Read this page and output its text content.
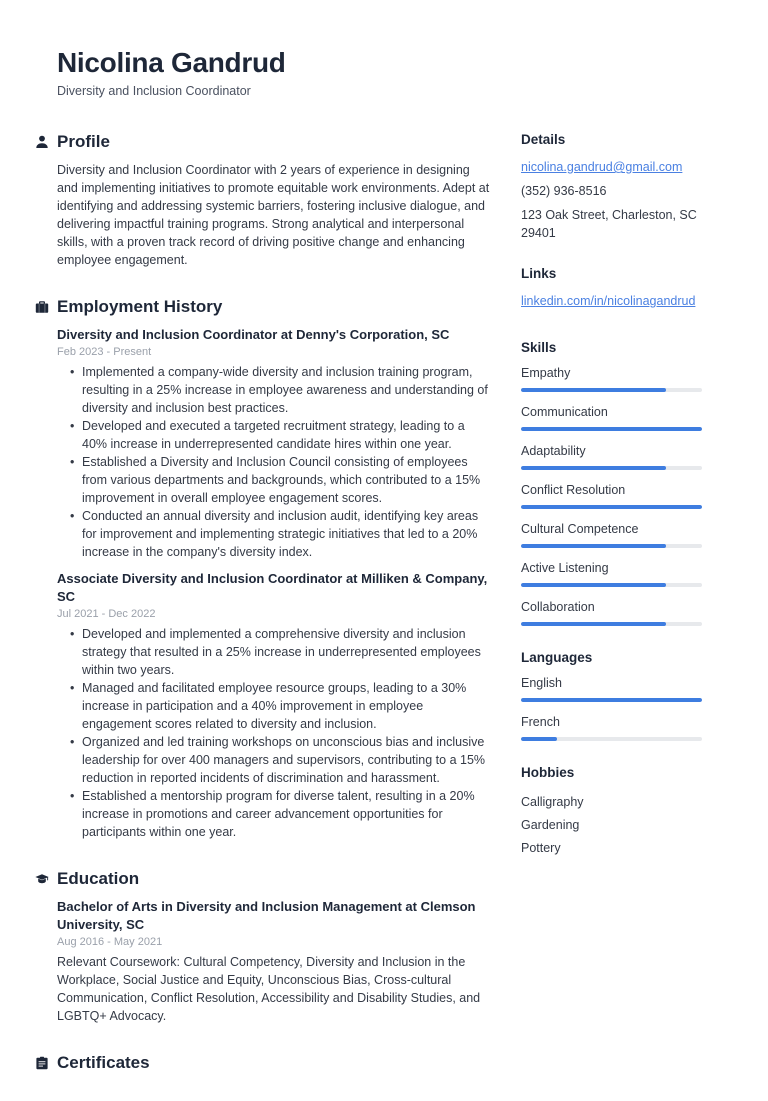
Nicolina Gandrud
Diversity and Inclusion Coordinator
Profile

Diversity and Inclusion Coordinator with 2 years of experience in designing and implementing initiatives to promote equitable work environments. Adept at identifying and addressing systemic barriers, fostering inclusive dialogue, and delivering impactful training programs. Strong analytical and interpersonal skills, with a proven track record of driving positive change and enhancing employee engagement.

Employment History
Diversity and Inclusion Coordinator at Denny's Corporation, SC
Feb 2023 - Present
• Implemented a company-wide diversity and inclusion training program, resulting in a 25% increase in employee awareness and understanding of diversity and inclusion best practices.
• Developed and executed a targeted recruitment strategy, leading to a 40% increase in underrepresented candidate hires within one year.
• Established a Diversity and Inclusion Council consisting of employees from various departments and backgrounds, which contributed to a 15% improvement in overall employee engagement scores.
• Conducted an annual diversity and inclusion audit, identifying key areas for improvement and implementing strategic initiatives that led to a 20% increase in the company's diversity index.
Associate Diversity and Inclusion Coordinator at Milliken & Company, SC
Jul 2021 - Dec 2022
• Developed and implemented a comprehensive diversity and inclusion strategy that resulted in a 25% increase in underrepresented employees within two years.
• Managed and facilitated employee resource groups, leading to a 30% increase in participation and a 40% improvement in employee engagement scores related to diversity and inclusion.
• Organized and led training workshops on unconscious bias and inclusive leadership for over 400 managers and supervisors, contributing to a 15% reduction in reported incidents of discrimination and harassment.
• Established a mentorship program for diverse talent, resulting in a 20% increase in promotions and career advancement opportunities for participants within one year.
Education
Bachelor of Arts in Diversity and Inclusion Management at Clemson University, SC
Aug 2016 - May 2021

Relevant Coursework: Cultural Competency, Diversity and Inclusion in the Workplace, Social Justice and Equity, Unconscious Bias, Cross-cultural Communication, Conflict Resolution, Accessibility and Disability Studies, and LGBTQ+ Advocacy.

Certificates
Details
nicolina.gandrud@gmail.com
(352) 936-8516
123 Oak Street, Charleston, SC
29401
Links
linkedin.com/in/nicolinagandrud
Skills
Empathy
Communication
Adaptability
Conflict Resolution
Cultural Competence
Active Listening
Collaboration
Languages
English
French
Hobbies
Calligraphy
Gardening
Pottery
